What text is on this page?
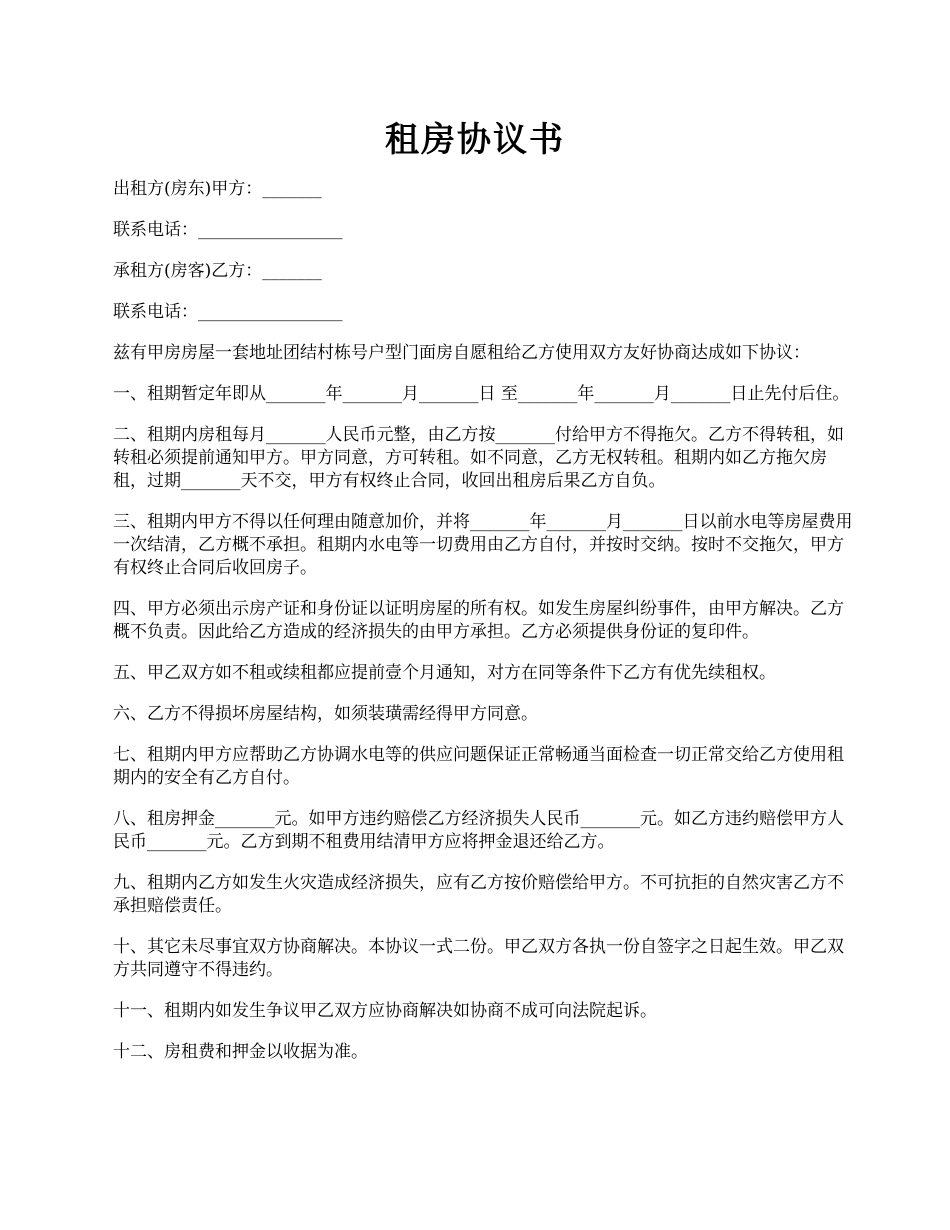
租房协议书

出租方(房东)甲方：_______

联系电话：_________________

承租方(房客)乙方：_______

联系电话：_________________

兹有甲房房屋一套地址团结村栋号户型门面房自愿租给乙方使用双方友好协商达成如下协议：

一、租期暂定年即从_______年_______月_______日 至_______年_______月_______日止先付后住。

二、租期内房租每月_______人民币元整，由乙方按_______付给甲方不得拖欠。乙方不得转租，如转租必须提前通知甲方。甲方同意，方可转租。如不同意，乙方无权转租。租期内如乙方拖欠房租，过期_______天不交，甲方有权终止合同，收回出租房后果乙方自负。

三、租期内甲方不得以任何理由随意加价，并将_______年_______月_______日以前水电等房屋费用一次结清，乙方概不承担。租期内水电等一切费用由乙方自付，并按时交纳。按时不交拖欠，甲方有权终止合同后收回房子。

四、甲方必须出示房产证和身份证以证明房屋的所有权。如发生房屋纠纷事件，由甲方解决。乙方概不负责。因此给乙方造成的经济损失的由甲方承担。乙方必须提供身份证的复印件。

五、甲乙双方如不租或续租都应提前壹个月通知，对方在同等条件下乙方有优先续租权。

六、乙方不得损坏房屋结构，如须装璜需经得甲方同意。

七、租期内甲方应帮助乙方协调水电等的供应问题保证正常畅通当面检查一切正常交给乙方使用租期内的安全有乙方自付。

八、租房押金_______元。如甲方违约赔偿乙方经济损失人民币_______元。如乙方违约赔偿甲方人民币_______元。乙方到期不租费用结清甲方应将押金退还给乙方。

九、租期内乙方如发生火灾造成经济损失，应有乙方按价赔偿给甲方。不可抗拒的自然灾害乙方不承担赔偿责任。

十、其它未尽事宜双方协商解决。本协议一式二份。甲乙双方各执一份自签字之日起生效。甲乙双方共同遵守不得违约。

十一、租期内如发生争议甲乙双方应协商解决如协商不成可向法院起诉。

十二、房租费和押金以收据为准。
